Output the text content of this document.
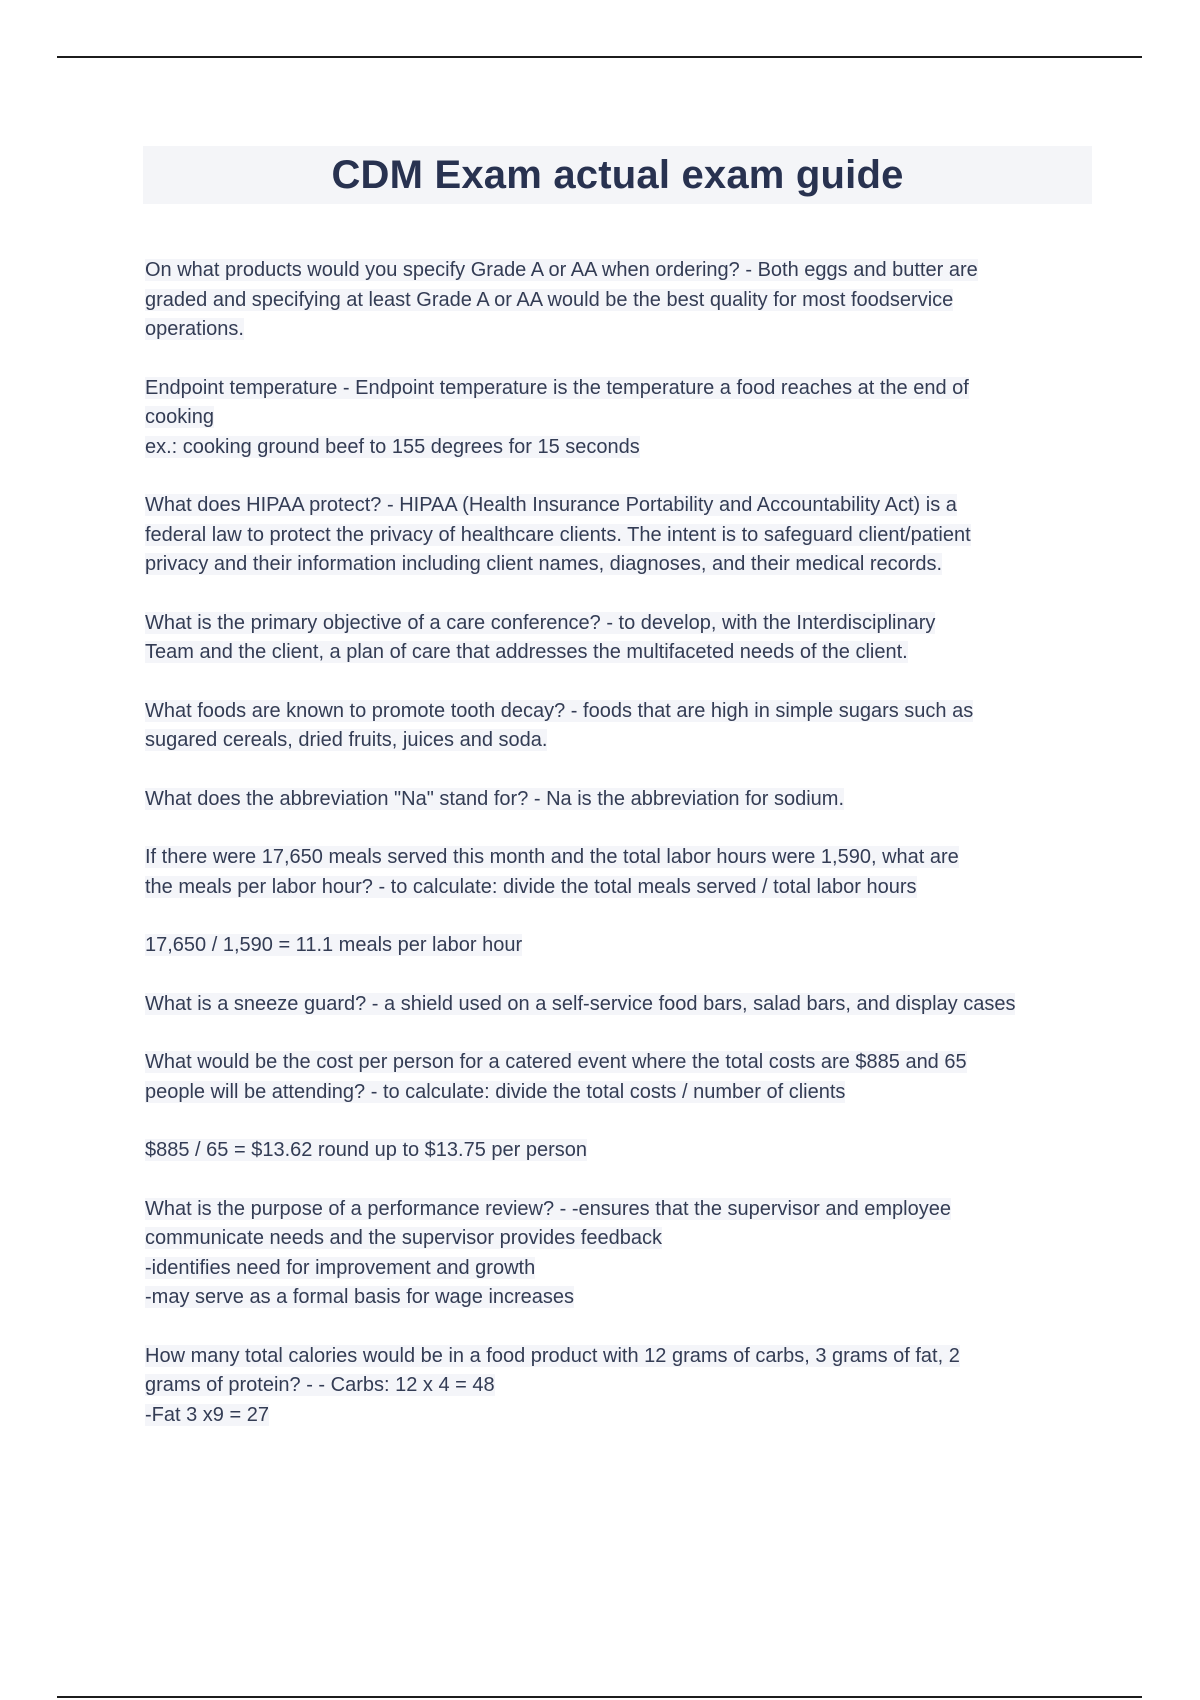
CDM Exam actual exam guide
On what products would you specify Grade A or AA when ordering? - Both eggs and butter are
graded and specifying at least Grade A or AA would be the best quality for most foodservice
operations.
Endpoint temperature - Endpoint temperature is the temperature a food reaches at the end of
cooking
ex.: cooking ground beef to 155 degrees for 15 seconds
What does HIPAA protect? - HIPAA (Health Insurance Portability and Accountability Act) is a
federal law to protect the privacy of healthcare clients. The intent is to safeguard client/patient
privacy and their information including client names, diagnoses, and their medical records.
What is the primary objective of a care conference? - to develop, with the Interdisciplinary
Team and the client, a plan of care that addresses the multifaceted needs of the client.
What foods are known to promote tooth decay? - foods that are high in simple sugars such as
sugared cereals, dried fruits, juices and soda.
What does the abbreviation "Na" stand for? - Na is the abbreviation for sodium.
If there were 17,650 meals served this month and the total labor hours were 1,590, what are
the meals per labor hour? - to calculate: divide the total meals served / total labor hours
17,650 / 1,590 = 11.1 meals per labor hour
What is a sneeze guard? - a shield used on a self-service food bars, salad bars, and display cases
What would be the cost per person for a catered event where the total costs are $885 and 65
people will be attending? - to calculate: divide the total costs / number of clients
$885 / 65 = $13.62 round up to $13.75 per person
What is the purpose of a performance review? - -ensures that the supervisor and employee
communicate needs and the supervisor provides feedback
-identifies need for improvement and growth
-may serve as a formal basis for wage increases
How many total calories would be in a food product with 12 grams of carbs, 3 grams of fat, 2
grams of protein? - - Carbs: 12 x 4 = 48
-Fat 3 x9 = 27
